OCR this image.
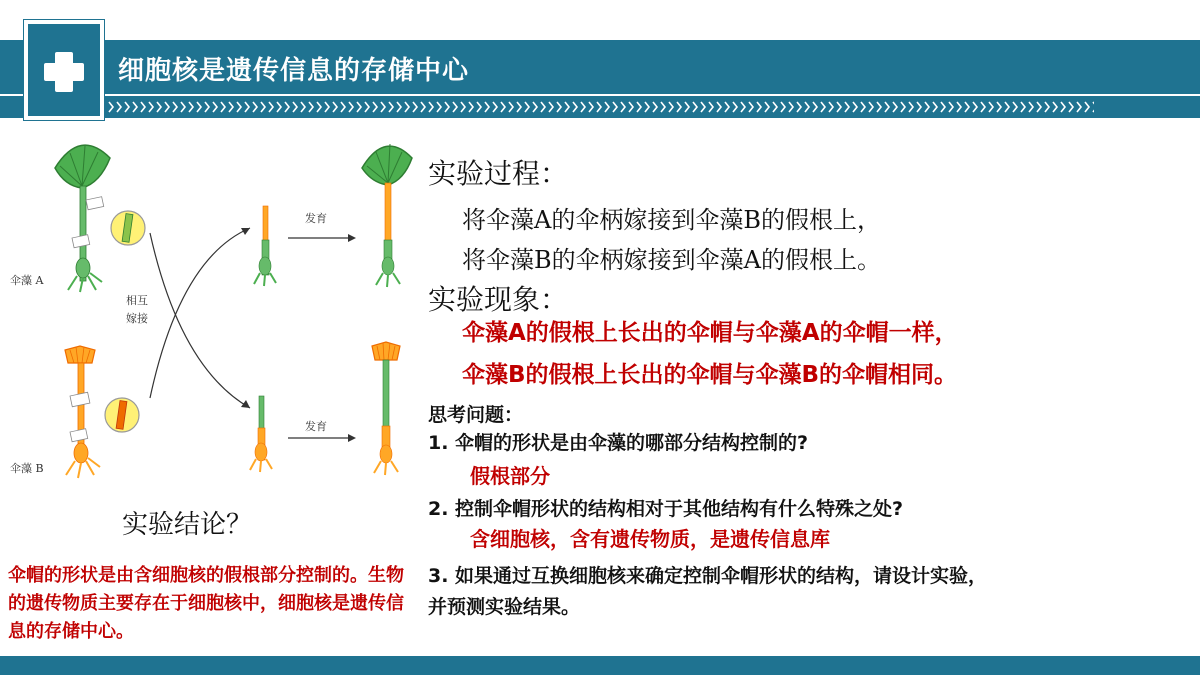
细胞核是遗传信息的存储中心
伞藻 A
伞藻 B
相互
嫁接
发育
发育
实验过程：
将伞藻A的伞柄嫁接到伞藻B的假根上，
将伞藻B的伞柄嫁接到伞藻A的假根上。
实验现象：
伞藻A的假根上长出的伞帽与伞藻A的伞帽一样，
伞藻B的假根上长出的伞帽与伞藻B的伞帽相同。
思考问题：
1. 伞帽的形状是由伞藻的哪部分结构控制的?
假根部分
2. 控制伞帽形状的结构相对于其他结构有什么特殊之处?
含细胞核，含有遗传物质，是遗传信息库
3. 如果通过互换细胞核来确定控制伞帽形状的结构，请设计实验，
并预测实验结果。
实验结论？
伞帽的形状是由含细胞核的假根部分控制的。生物的遗传物质主要存在于细胞核中，细胞核是遗传信息的存储中心。
